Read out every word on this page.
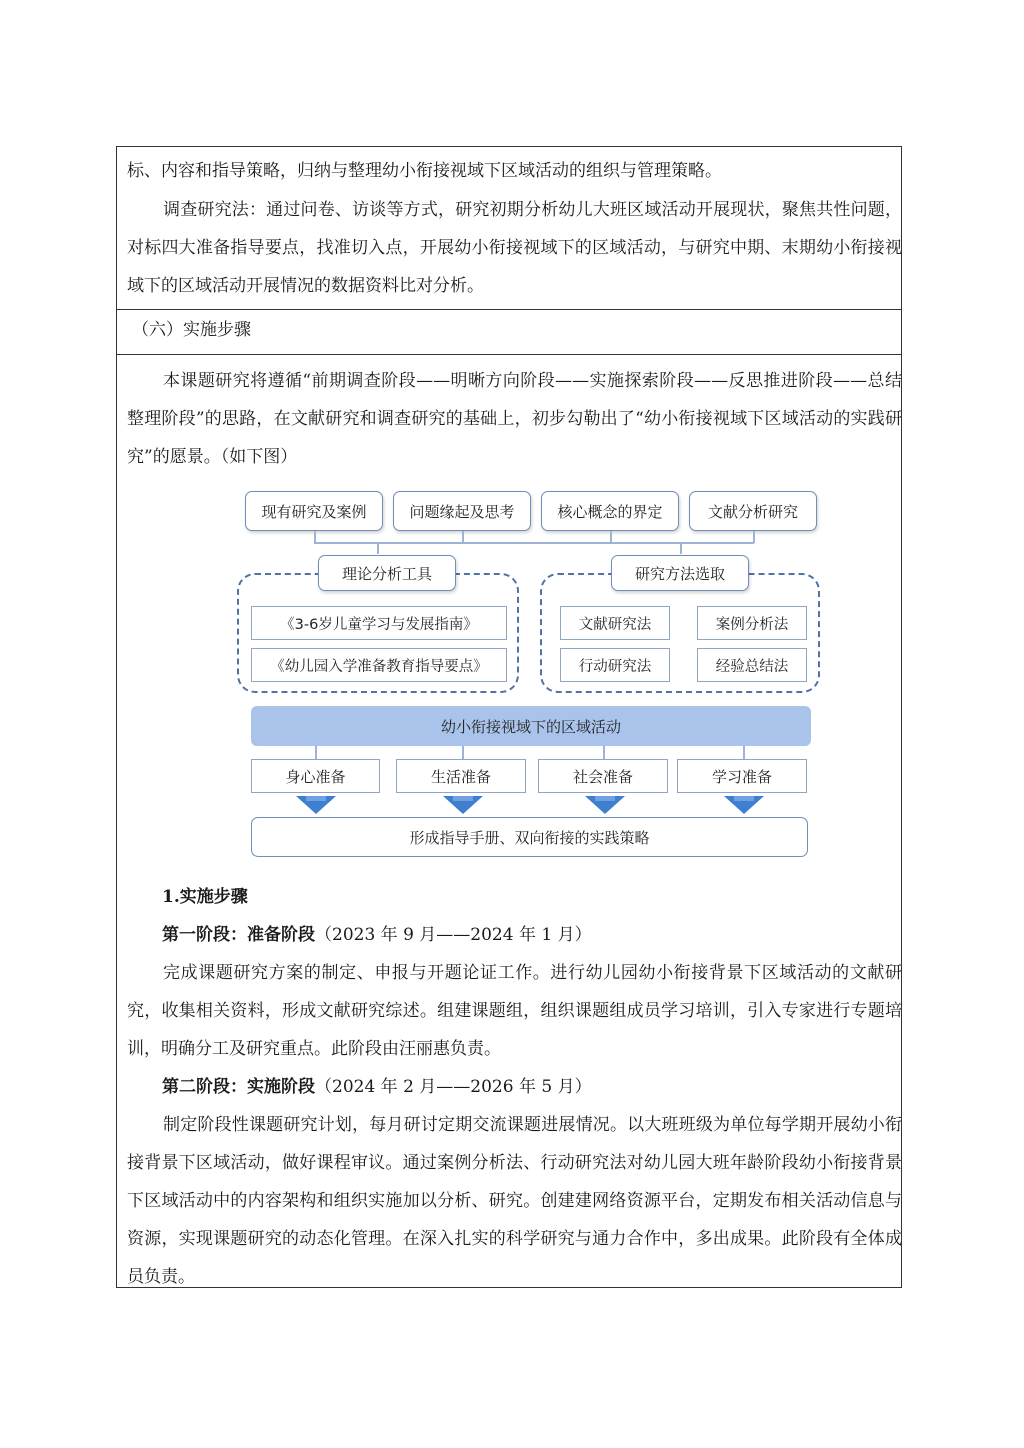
标、内容和指导策略，归纳与整理幼小衔接视域下区域活动的组织与管理策略。

调查研究法：通过问卷、访谈等方式，研究初期分析幼儿大班区域活动开展现状，聚焦共性问题，对标四大准备指导要点，找准切入点，开展幼小衔接视域下的区域活动，与研究中期、末期幼小衔接视域下的区域活动开展情况的数据资料比对分析。

（六）实施步骤

本课题研究将遵循“前期调查阶段——明晰方向阶段——实施探索阶段——反思推进阶段——总结整理阶段”的思路，在文献研究和调查研究的基础上，初步勾勒出了“幼小衔接视域下区域活动的实践研究”的愿景。（如下图）

现有研究及案例	问题缘起及思考	核心概念的界定	文献分析研究
理论分析工具	研究方法选取
《3-6岁儿童学习与发展指南》
《幼儿园入学准备教育指导要点》
文献研究法	案例分析法
行动研究法	经验总结法
幼小衔接视域下的区域活动
身心准备	生活准备	社会准备	学习准备
形成指导手册、双向衔接的实践策略
1.实施步骤
第一阶段：准备阶段（2023 年 9 月——2024 年 1 月）

完成课题研究方案的制定、申报与开题论证工作。进行幼儿园幼小衔接背景下区域活动的文献研究，收集相关资料，形成文献研究综述。组建课题组，组织课题组成员学习培训，引入专家进行专题培训，明确分工及研究重点。此阶段由汪丽惠负责。

第二阶段：实施阶段（2024 年 2 月——2026 年 5 月）

制定阶段性课题研究计划，每月研讨定期交流课题进展情况。以大班班级为单位每学期开展幼小衔接背景下区域活动，做好课程审议。通过案例分析法、行动研究法对幼儿园大班年龄阶段幼小衔接背景下区域活动中的内容架构和组织实施加以分析、研究。创建建网络资源平台，定期发布相关活动信息与资源，实现课题研究的动态化管理。在深入扎实的科学研究与通力合作中，多出成果。此阶段有全体成员负责。
